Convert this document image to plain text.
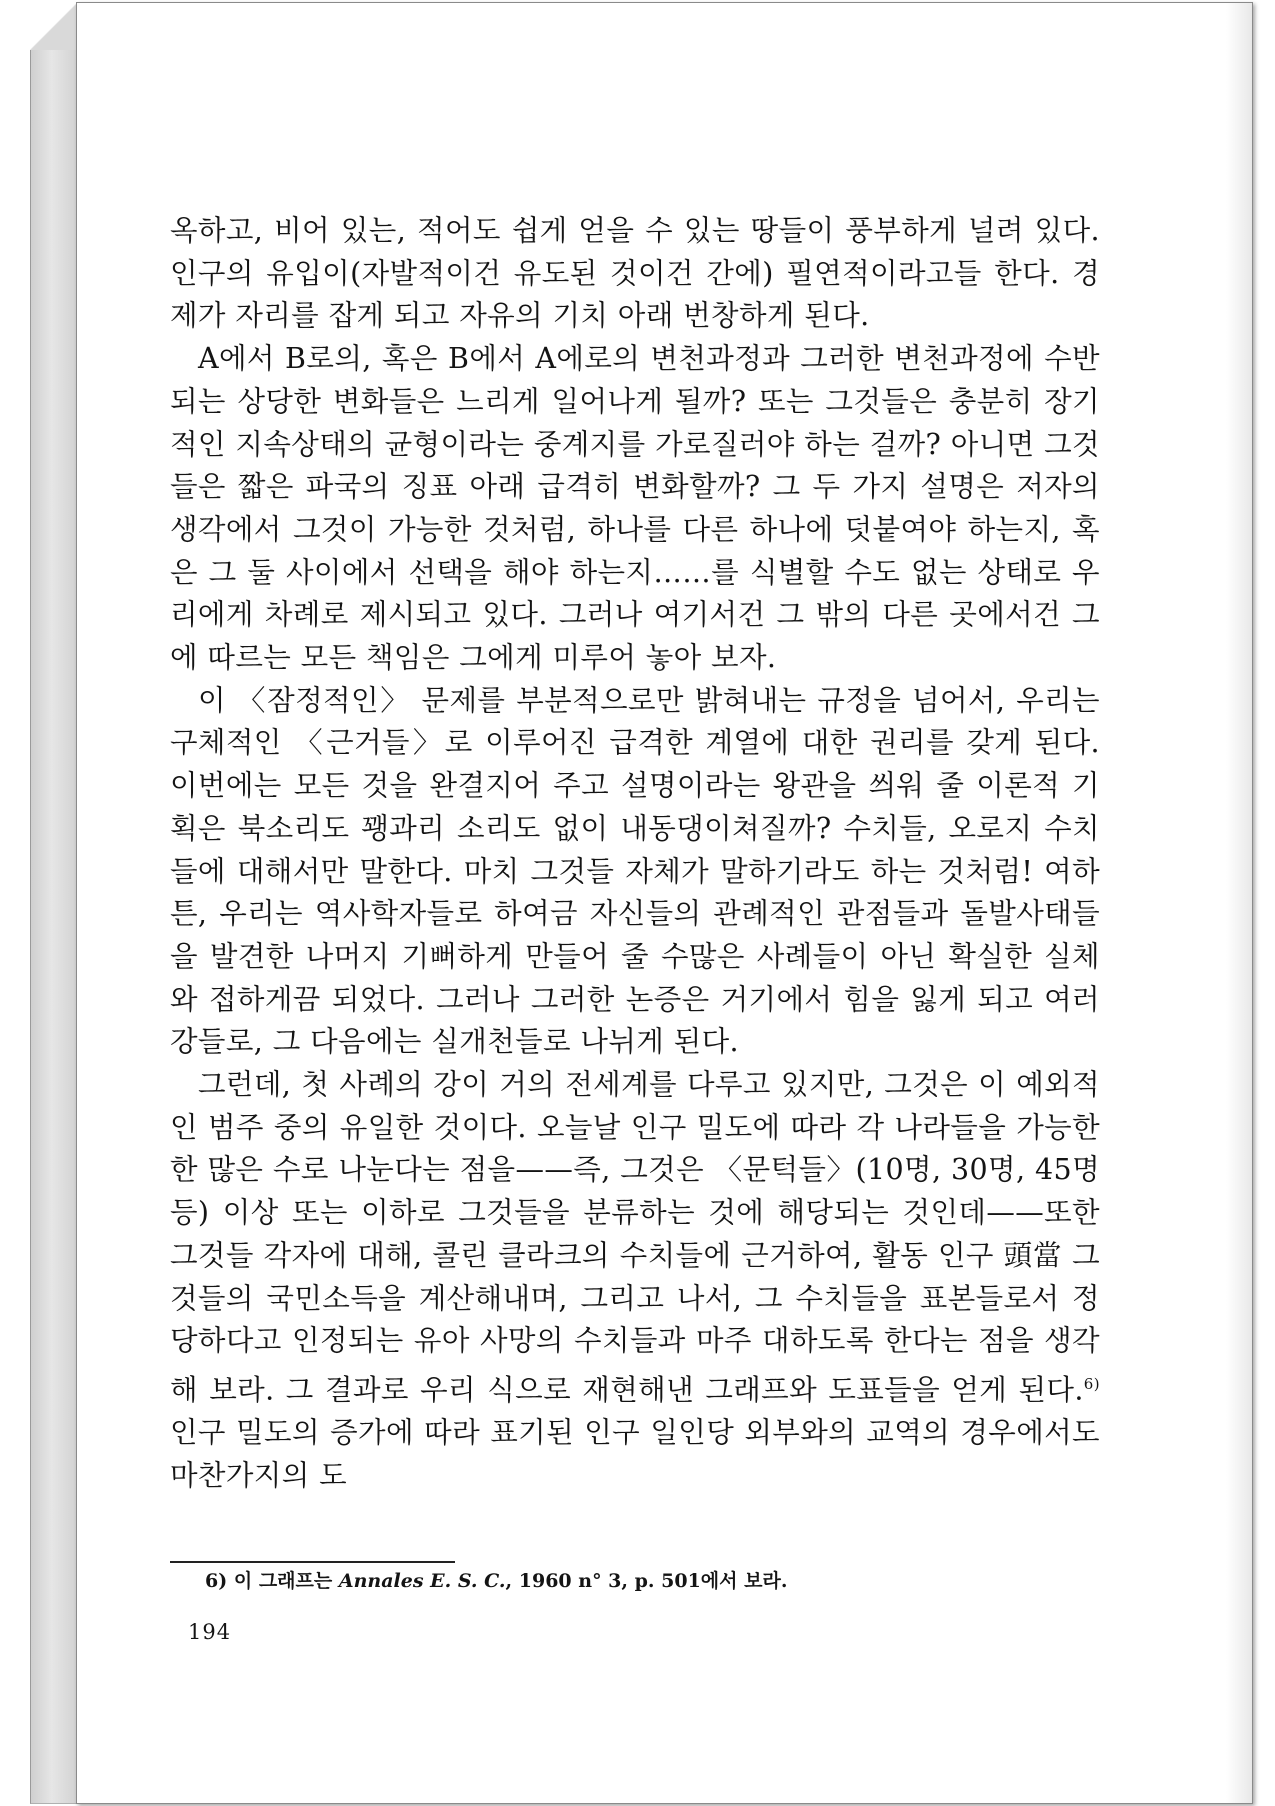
옥하고, 비어 있는, 적어도 쉽게 얻을 수 있는 땅들이 풍부하게 널려 있다. 인구의 유입이(자발적이건 유도된 것이건 간에) 필연적이라고들 한다. 경제가 자리를 잡게 되고 자유의 기치 아래 번창하게 된다.

A에서 B로의, 혹은 B에서 A에로의 변천과정과 그러한 변천과정에 수반되는 상당한 변화들은 느리게 일어나게 될까? 또는 그것들은 충분히 장기적인 지속상태의 균형이라는 중계지를 가로질러야 하는 걸까? 아니면 그것들은 짧은 파국의 징표 아래 급격히 변화할까? 그 두 가지 설명은 저자의 생각에서 그것이 가능한 것처럼, 하나를 다른 하나에 덧붙여야 하는지, 혹은 그 둘 사이에서 선택을 해야 하는지……를 식별할 수도 없는 상태로 우리에게 차례로 제시되고 있다. 그러나 여기서건 그 밖의 다른 곳에서건 그에 따르는 모든 책임은 그에게 미루어 놓아 보자.

이 〈잠정적인〉 문제를 부분적으로만 밝혀내는 규정을 넘어서, 우리는 구체적인 〈근거들〉로 이루어진 급격한 계열에 대한 권리를 갖게 된다. 이번에는 모든 것을 완결지어 주고 설명이라는 왕관을 씌워 줄 이론적 기획은 북소리도 꽹과리 소리도 없이 내동댕이쳐질까? 수치들, 오로지 수치들에 대해서만 말한다. 마치 그것들 자체가 말하기라도 하는 것처럼! 여하튼, 우리는 역사학자들로 하여금 자신들의 관례적인 관점들과 돌발사태들을 발견한 나머지 기뻐하게 만들어 줄 수많은 사례들이 아닌 확실한 실체와 접하게끔 되었다. 그러나 그러한 논증은 거기에서 힘을 잃게 되고 여러 강들로, 그 다음에는 실개천들로 나뉘게 된다.

그런데, 첫 사례의 강이 거의 전세계를 다루고 있지만, 그것은 이 예외적인 범주 중의 유일한 것이다. 오늘날 인구 밀도에 따라 각 나라들을 가능한 한 많은 수로 나눈다는 점을——즉, 그것은 〈문턱들〉(10명, 30명, 45명 등) 이상 또는 이하로 그것들을 분류하는 것에 해당되는 것인데——또한 그것들 각자에 대해, 콜린 클라크의 수치들에 근거하여, 활동 인구 頭當 그것들의 국민소득을 계산해내며, 그리고 나서, 그 수치들을 표본들로서 정당하다고 인정되는 유아 사망의 수치들과 마주 대하도록 한다는 점을 생각해 보라. 그 결과로 우리 식으로 재현해낸 그래프와 도표들을 얻게 된다.$^{6)}$ 인구 밀도의 증가에 따라 표기된 인구 일인당 외부와의 교역의 경우에서도 마찬가지의 도

6) 이 그래프는 Annales E. S. C., 1960 n° 3, p. 501에서 보라.
194
